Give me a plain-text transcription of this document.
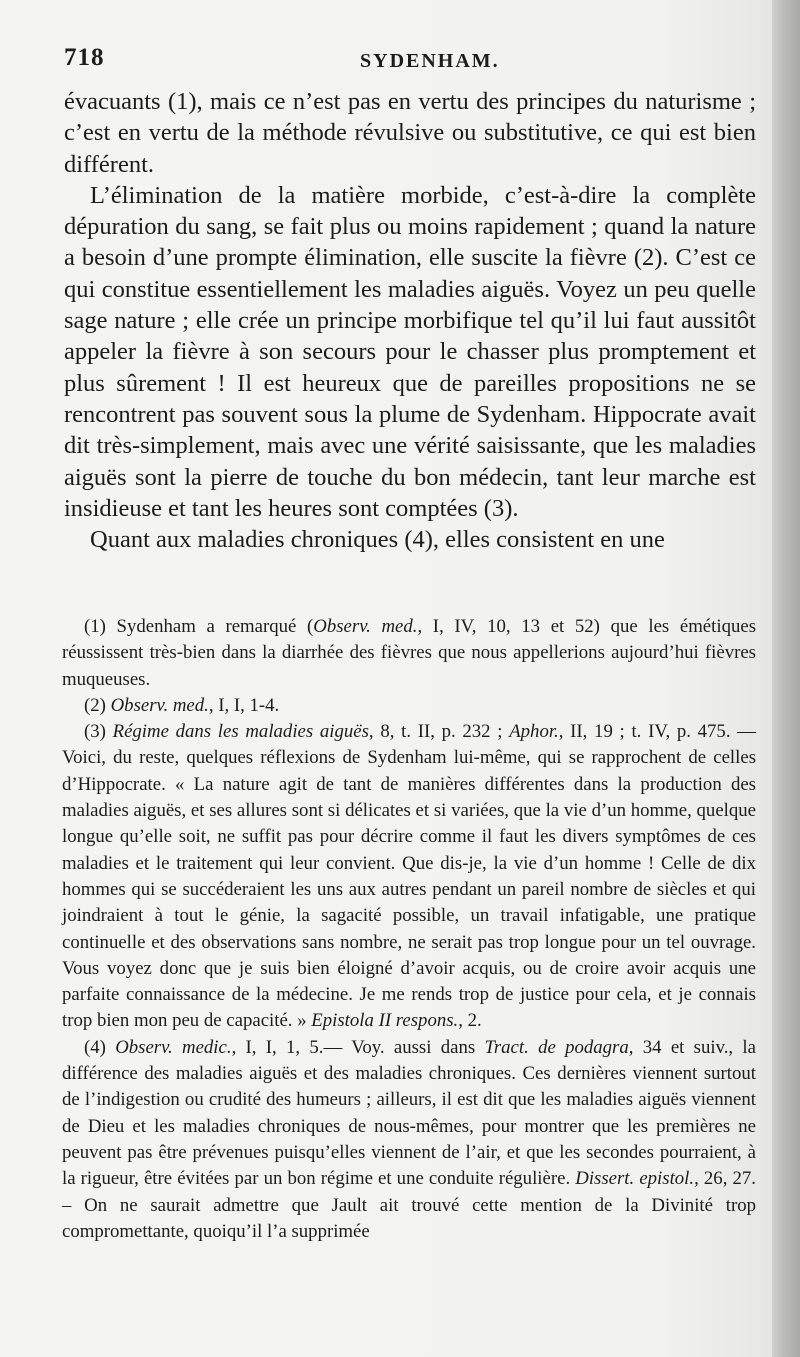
718	SYDENHAM.

évacuants (1), mais ce n’est pas en vertu des principes du naturisme ; c’est en vertu de la méthode révulsive ou substitutive, ce qui est bien différent.

L’élimination de la matière morbide, c’est-à-dire la complète dépuration du sang, se fait plus ou moins rapidement ; quand la nature a besoin d’une prompte élimination, elle suscite la fièvre (2). C’est ce qui constitue essentiellement les maladies aiguës. Voyez un peu quelle sage nature ; elle crée un principe morbifique tel qu’il lui faut aussitôt appeler la fièvre à son secours pour le chasser plus promptement et plus sûrement ! Il est heureux que de pareilles propositions ne se rencontrent pas souvent sous la plume de Sydenham. Hippocrate avait dit très-simplement, mais avec une vérité saisissante, que les maladies aiguës sont la pierre de touche du bon médecin, tant leur marche est insidieuse et tant les heures sont comptées (3).

Quant aux maladies chroniques (4), elles consistent en une

(1) Sydenham a remarqué (Observ. med., I, IV, 10, 13 et 52) que les émétiques réussissent très-bien dans la diarrhée des fièvres que nous appellerions aujourd’hui fièvres muqueuses.

(2) Observ. med., I, I, 1-4.

(3) Régime dans les maladies aiguës, 8, t. II, p. 232 ; Aphor., II, 19 ; t. IV, p. 475. — Voici, du reste, quelques réflexions de Sydenham lui-même, qui se rapprochent de celles d’Hippocrate. « La nature agit de tant de manières différentes dans la production des maladies aiguës, et ses allures sont si délicates et si variées, que la vie d’un homme, quelque longue qu’elle soit, ne suffit pas pour décrire comme il faut les divers symptômes de ces maladies et le traitement qui leur convient. Que dis-je, la vie d’un homme ! Celle de dix hommes qui se succéderaient les uns aux autres pendant un pareil nombre de siècles et qui joindraient à tout le génie, la sagacité possible, un travail infatigable, une pratique continuelle et des observations sans nombre, ne serait pas trop longue pour un tel ouvrage. Vous voyez donc que je suis bien éloigné d’avoir acquis, ou de croire avoir acquis une parfaite connaissance de la médecine. Je me rends trop de justice pour cela, et je connais trop bien mon peu de capacité. » Epistola II respons., 2.

(4) Observ. medic., I, I, 1, 5.— Voy. aussi dans Tract. de podagra, 34 et suiv., la différence des maladies aiguës et des maladies chroniques. Ces dernières viennent surtout de l’indigestion ou crudité des humeurs ; ailleurs, il est dit que les maladies aiguës viennent de Dieu et les maladies chroniques de nous-mêmes, pour montrer que les premières ne peuvent pas être prévenues puisqu’elles viennent de l’air, et que les secondes pourraient, à la rigueur, être évitées par un bon régime et une conduite régulière. Dissert. epistol., 26, 27. – On ne saurait admettre que Jault ait trouvé cette mention de la Divinité trop compromettante, quoiqu’il l’a supprimée
